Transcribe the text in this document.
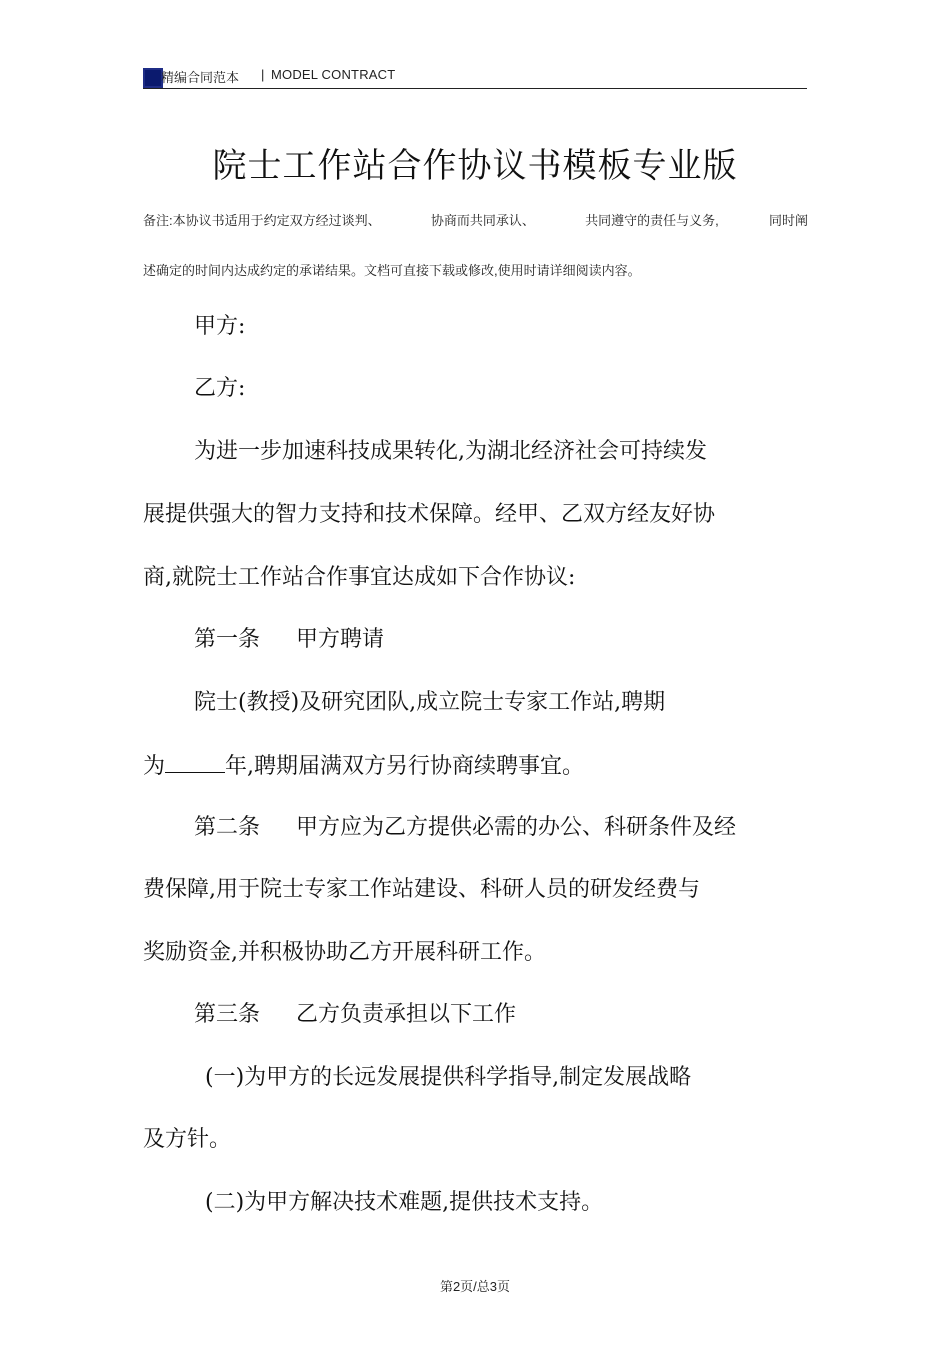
精编合同范本 | MODEL CONTRACT
院士工作站合作协议书模板专业版
备注:本协议书适用于约定双方经过谈判、	协商而共同承认、	共同遵守的责任与义务,	同时阐
述确定的时间内达成约定的承诺结果。文档可直接下载或修改,使用时请详细阅读内容。
甲方:
乙方:
为进一步加速科技成果转化,为湖北经济社会可持续发
展提供强大的智力支持和技术保障。经甲、乙双方经友好协
商,就院士工作站合作事宜达成如下合作协议:
第一条 甲方聘请
院士(教授)及研究团队,成立院士专家工作站,聘期
为	年,聘期届满双方另行协商续聘事宜。
第二条 甲方应为乙方提供必需的办公、科研条件及经
费保障,用于院士专家工作站建设、科研人员的研发经费与
奖励资金,并积极协助乙方开展科研工作。
第三条 乙方负责承担以下工作
(一)为甲方的长远发展提供科学指导,制定发展战略
及方针。
(二)为甲方解决技术难题,提供技术支持。
第2页/总3页
